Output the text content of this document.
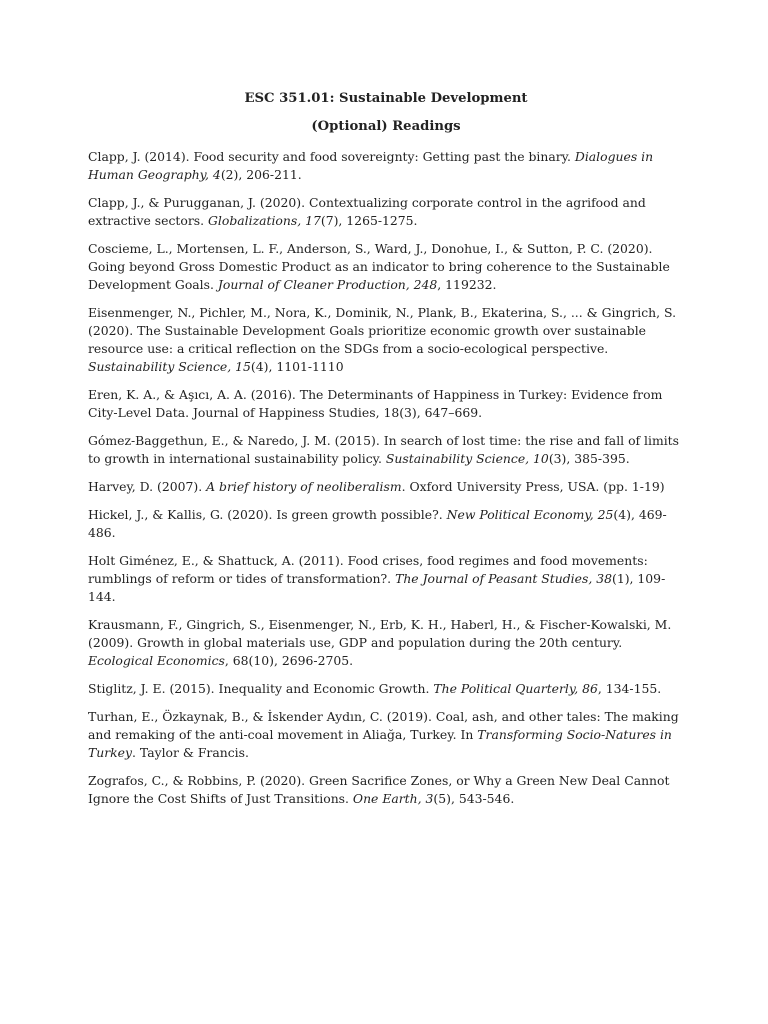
ESC 351.01: Sustainable Development
(Optional) Readings
Clapp, J. (2014). Food security and food sovereignty: Getting past the binary. Dialogues in Human Geography, 4(2), 206-211.
Clapp, J., & Purugganan, J. (2020). Contextualizing corporate control in the agrifood and extractive sectors. Globalizations, 17(7), 1265-1275.
Coscieme, L., Mortensen, L. F., Anderson, S., Ward, J., Donohue, I., & Sutton, P. C. (2020). Going beyond Gross Domestic Product as an indicator to bring coherence to the Sustainable Development Goals. Journal of Cleaner Production, 248, 119232.
Eisenmenger, N., Pichler, M., Nora, K., Dominik, N., Plank, B., Ekaterina, S., ... & Gingrich, S. (2020). The Sustainable Development Goals prioritize economic growth over sustainable resource use: a critical reflection on the SDGs from a socio-ecological perspective. Sustainability Science, 15(4), 1101-1110
Eren, K. A., & Aşıcı, A. A. (2016). The Determinants of Happiness in Turkey: Evidence from City-Level Data. Journal of Happiness Studies, 18(3), 647–669.
Gómez-Baggethun, E., & Naredo, J. M. (2015). In search of lost time: the rise and fall of limits to growth in international sustainability policy. Sustainability Science, 10(3), 385-395.
Harvey, D. (2007). A brief history of neoliberalism. Oxford University Press, USA. (pp. 1-19)
Hickel, J., & Kallis, G. (2020). Is green growth possible?. New Political Economy, 25(4), 469-486.
Holt Giménez, E., & Shattuck, A. (2011). Food crises, food regimes and food movements: rumblings of reform or tides of transformation?. The Journal of Peasant Studies, 38(1), 109-144.
Krausmann, F., Gingrich, S., Eisenmenger, N., Erb, K. H., Haberl, H., & Fischer-Kowalski, M. (2009). Growth in global materials use, GDP and population during the 20th century. Ecological Economics, 68(10), 2696-2705.
Stiglitz, J. E. (2015). Inequality and Economic Growth. The Political Quarterly, 86, 134-155.
Turhan, E., Özkaynak, B., & İskender Aydın, C. (2019). Coal, ash, and other tales: The making and remaking of the anti-coal movement in Aliağa, Turkey. In Transforming Socio-Natures in Turkey. Taylor & Francis.
Zografos, C., & Robbins, P. (2020). Green Sacrifice Zones, or Why a Green New Deal Cannot Ignore the Cost Shifts of Just Transitions. One Earth, 3(5), 543-546.
